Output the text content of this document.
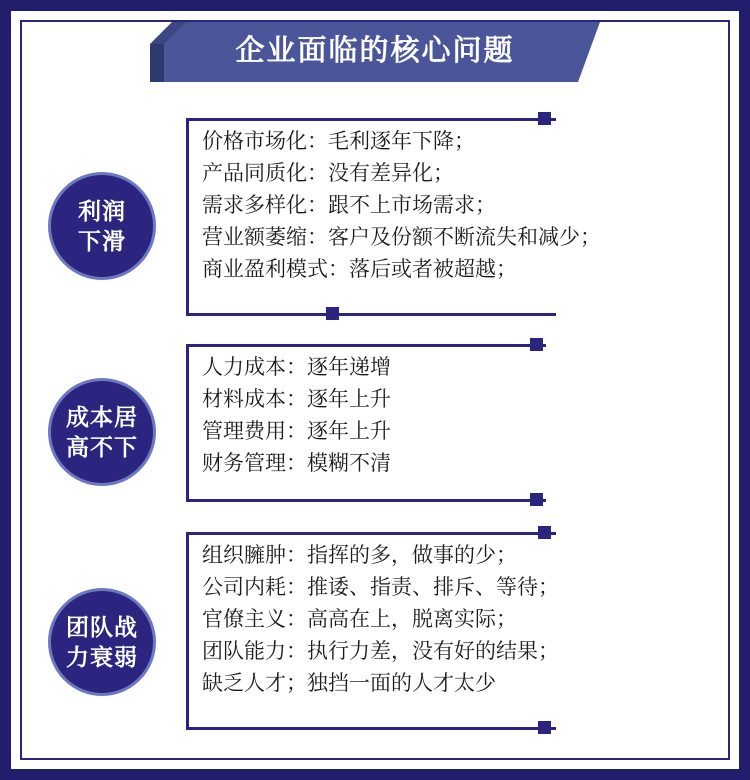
企业面临的核心问题
利润
下滑
价格市场化：毛利逐年下降；
产品同质化：没有差异化；
需求多样化：跟不上市场需求；
营业额萎缩：客户及份额不断流失和减少；
商业盈利模式：落后或者被超越；
成本居
高不下
人力成本：逐年递增
材料成本：逐年上升
管理费用：逐年上升
财务管理：模糊不清
团队战
力衰弱
组织臃肿：指挥的多，做事的少；
公司内耗：推诿、指责、排斥、等待；
官僚主义：高高在上，脱离实际；
团队能力：执行力差，没有好的结果；
缺乏人才；独挡一面的人才太少
